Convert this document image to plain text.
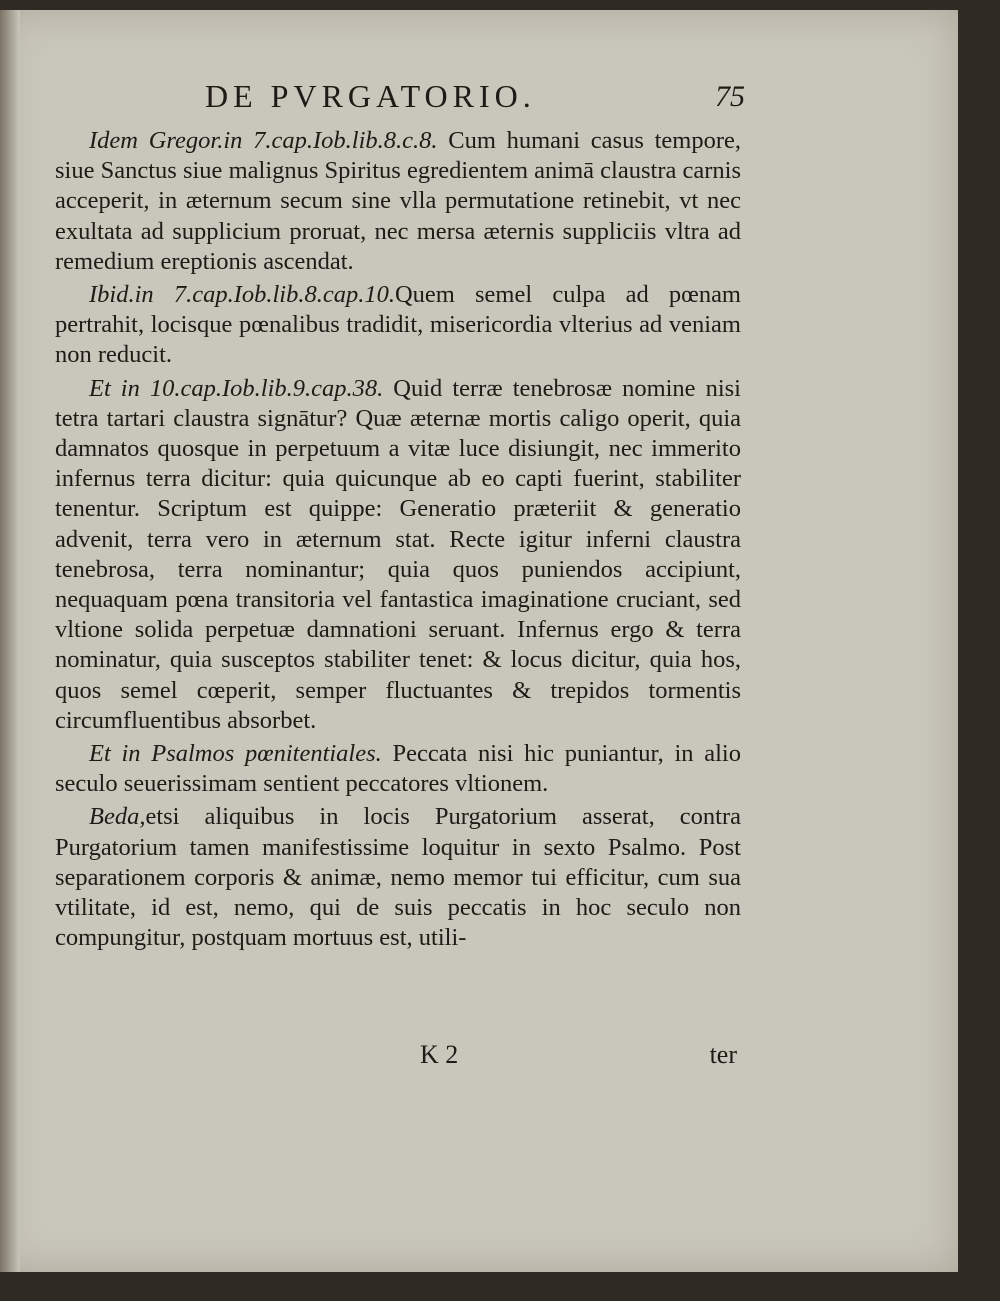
DE PVRGATORIO.	75

Idem Gregor.in 7.cap.Iob.lib.8.c.8. Cum humani casus tempore, siue Sanctus siue malignus Spiritus egredientem animā claustra carnis acceperit, in æternum secum sine vlla permutatione retinebit, vt nec exultata ad supplicium proruat, nec mersa æternis suppliciis vltra ad remedium ereptionis ascendat.

Ibid.in 7.cap.Iob.lib.8.cap.10.Quem semel culpa ad pœnam pertrahit, locisque pœnalibus tradidit, misericordia vlterius ad veniam non reducit.

Et in 10.cap.Iob.lib.9.cap.38. Quid terræ tenebrosæ nomine nisi tetra tartari claustra signātur? Quæ æternæ mortis caligo operit, quia damnatos quosque in perpetuum a vitæ luce disiungit, nec immerito infernus terra dicitur: quia quicunque ab eo capti fuerint, stabiliter tenentur. Scriptum est quippe: Generatio præteriit & generatio advenit, terra vero in æternum stat. Recte igitur inferni claustra tenebrosa, terra nominantur; quia quos puniendos accipiunt, nequaquam pœna transitoria vel fantastica imaginatione cruciant, sed vltione solida perpetuæ damnationi seruant. Infernus ergo & terra nominatur, quia susceptos stabiliter tenet: & locus dicitur, quia hos, quos semel cœperit, semper fluctuantes & trepidos tormentis circumfluentibus absorbet.

Et in Psalmos pœnitentiales. Peccata nisi hic puniantur, in alio seculo seuerissimam sentient peccatores vltionem.

Beda,etsi aliquibus in locis Purgatorium asserat, contra Purgatorium tamen manifestissime loquitur in sexto Psalmo. Post separationem corporis & animæ, nemo memor tui efficitur, cum sua vtilitate, id est, nemo, qui de suis peccatis in hoc seculo non compungitur, postquam mortuus est, utili-

K 2	ter
